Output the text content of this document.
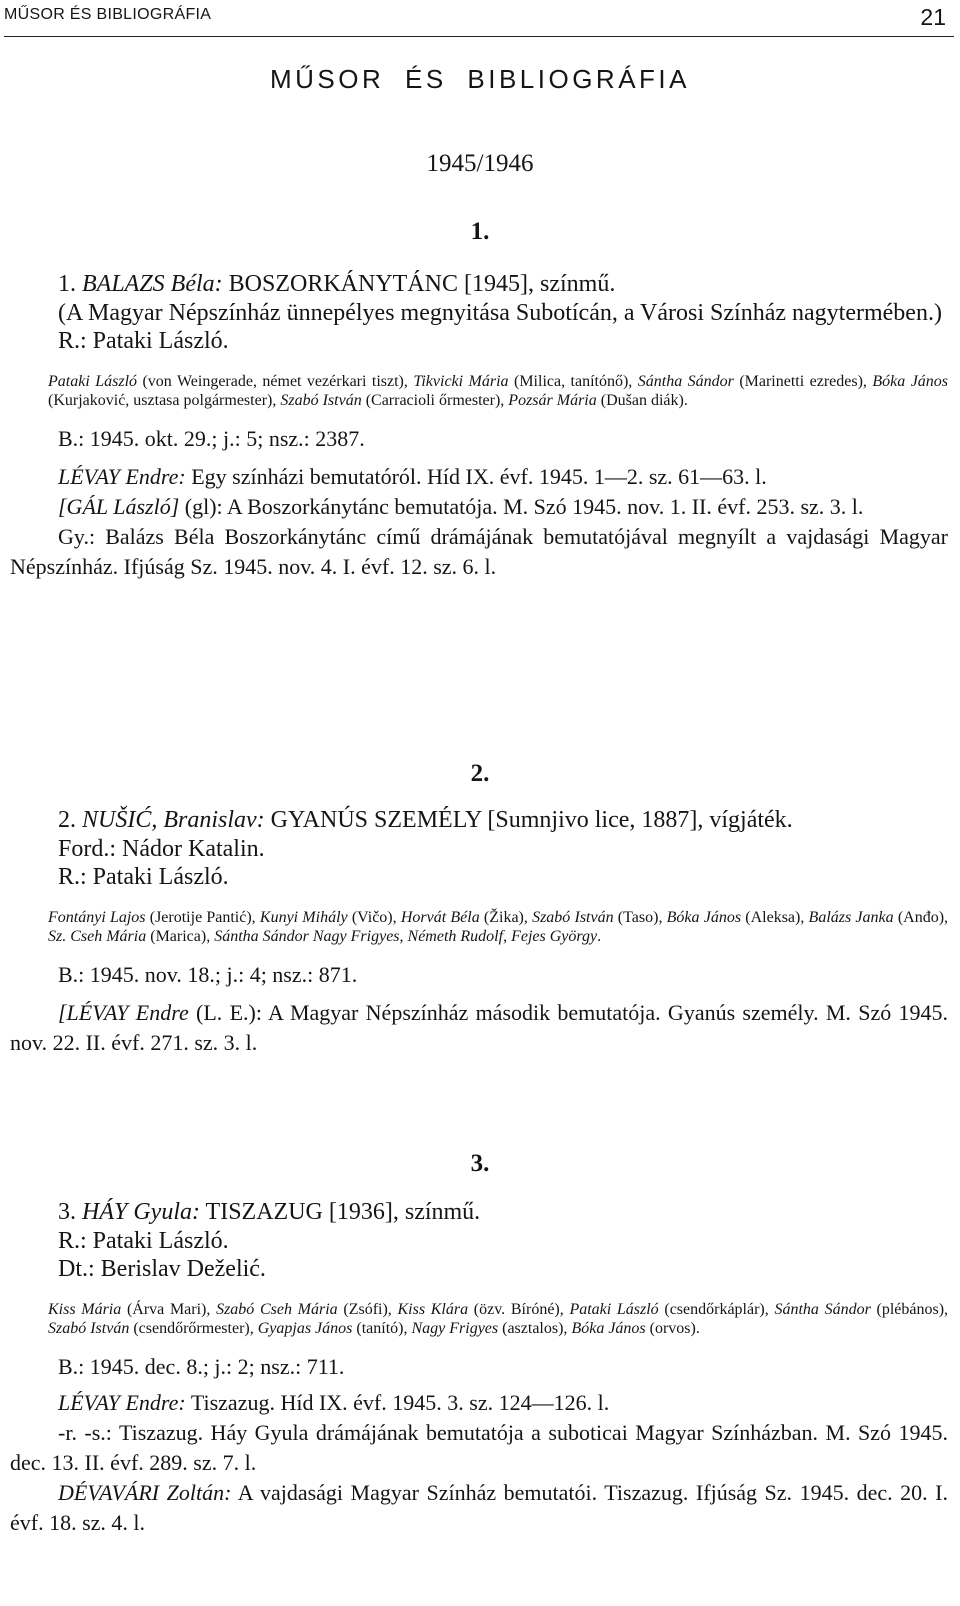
MŰSOR ÉS BIBLIOGRÁFIA	21
MŰSOR ÉS BIBLIOGRÁFIA
1945/1946
1.
1. BALAZS Béla: BOSZORKÁNYTÁNC [1945], színmű.
(A Magyar Népszínház ünnepélyes megnyitása Subotícán, a Városi Színház nagytermében.)
R.: Pataki László.
Pataki László (von Weingerade, német vezérkari tiszt), Tikvicki Mária (Milica, tanítónő), Sántha Sándor (Marinetti ezredes), Bóka János (Kurjaković, usztasa polgármester), Szabó István (Carracioli őrmester), Pozsár Mária (Dušan diák).
B.: 1945. okt. 29.; j.: 5; nsz.: 2387.
LÉVAY Endre: Egy színházi bemutatóról. Híd IX. évf. 1945. 1—2. sz. 61—63. l.
[GÁL László] (gl): A Boszorkánytánc bemutatója. M. Szó 1945. nov. 1. II. évf. 253. sz. 3. l.
Gy.: Balázs Béla Boszorkánytánc című drámájának bemutatójával megnyílt a vajdasági Magyar Népszínház. Ifjúság Sz. 1945. nov. 4. I. évf. 12. sz. 6. l.
2.
2. NUŠIĆ, Branislav: GYANÚS SZEMÉLY [Sumnjivo lice, 1887], vígjáték.
Ford.: Nádor Katalin.
R.: Pataki László.
Fontányi Lajos (Jerotije Pantić), Kunyi Mihály (Vičo), Horvát Béla (Žika), Szabó István (Taso), Bóka János (Aleksa), Balázs Janka (Anđo), Sz. Cseh Mária (Marica), Sántha Sándor Nagy Frigyes, Németh Rudolf, Fejes György.
B.: 1945. nov. 18.; j.: 4; nsz.: 871.
[LÉVAY Endre (L. E.): A Magyar Népszínház második bemutatója. Gyanús személy. M. Szó 1945. nov. 22. II. évf. 271. sz. 3. l.
3.
3. HÁY Gyula: TISZAZUG [1936], színmű.
R.: Pataki László.
Dt.: Berislav Deželić.
Kiss Mária (Árva Mari), Szabó Cseh Mária (Zsófi), Kiss Klára (özv. Bíróné), Pataki László (csendőrkáplár), Sántha Sándor (plébános), Szabó István (csendőrőrmester), Gyapjas János (tanító), Nagy Frigyes (asztalos), Bóka János (orvos).
B.: 1945. dec. 8.; j.: 2; nsz.: 711.
LÉVAY Endre: Tiszazug. Híd IX. évf. 1945. 3. sz. 124—126. l.
-r. -s.: Tiszazug. Háy Gyula drámájának bemutatója a suboticai Magyar Színházban. M. Szó 1945. dec. 13. II. évf. 289. sz. 7. l.
DÉVAVÁRI Zoltán: A vajdasági Magyar Színház bemutatói. Tiszazug. Ifjúság Sz. 1945. dec. 20. I. évf. 18. sz. 4. l.
